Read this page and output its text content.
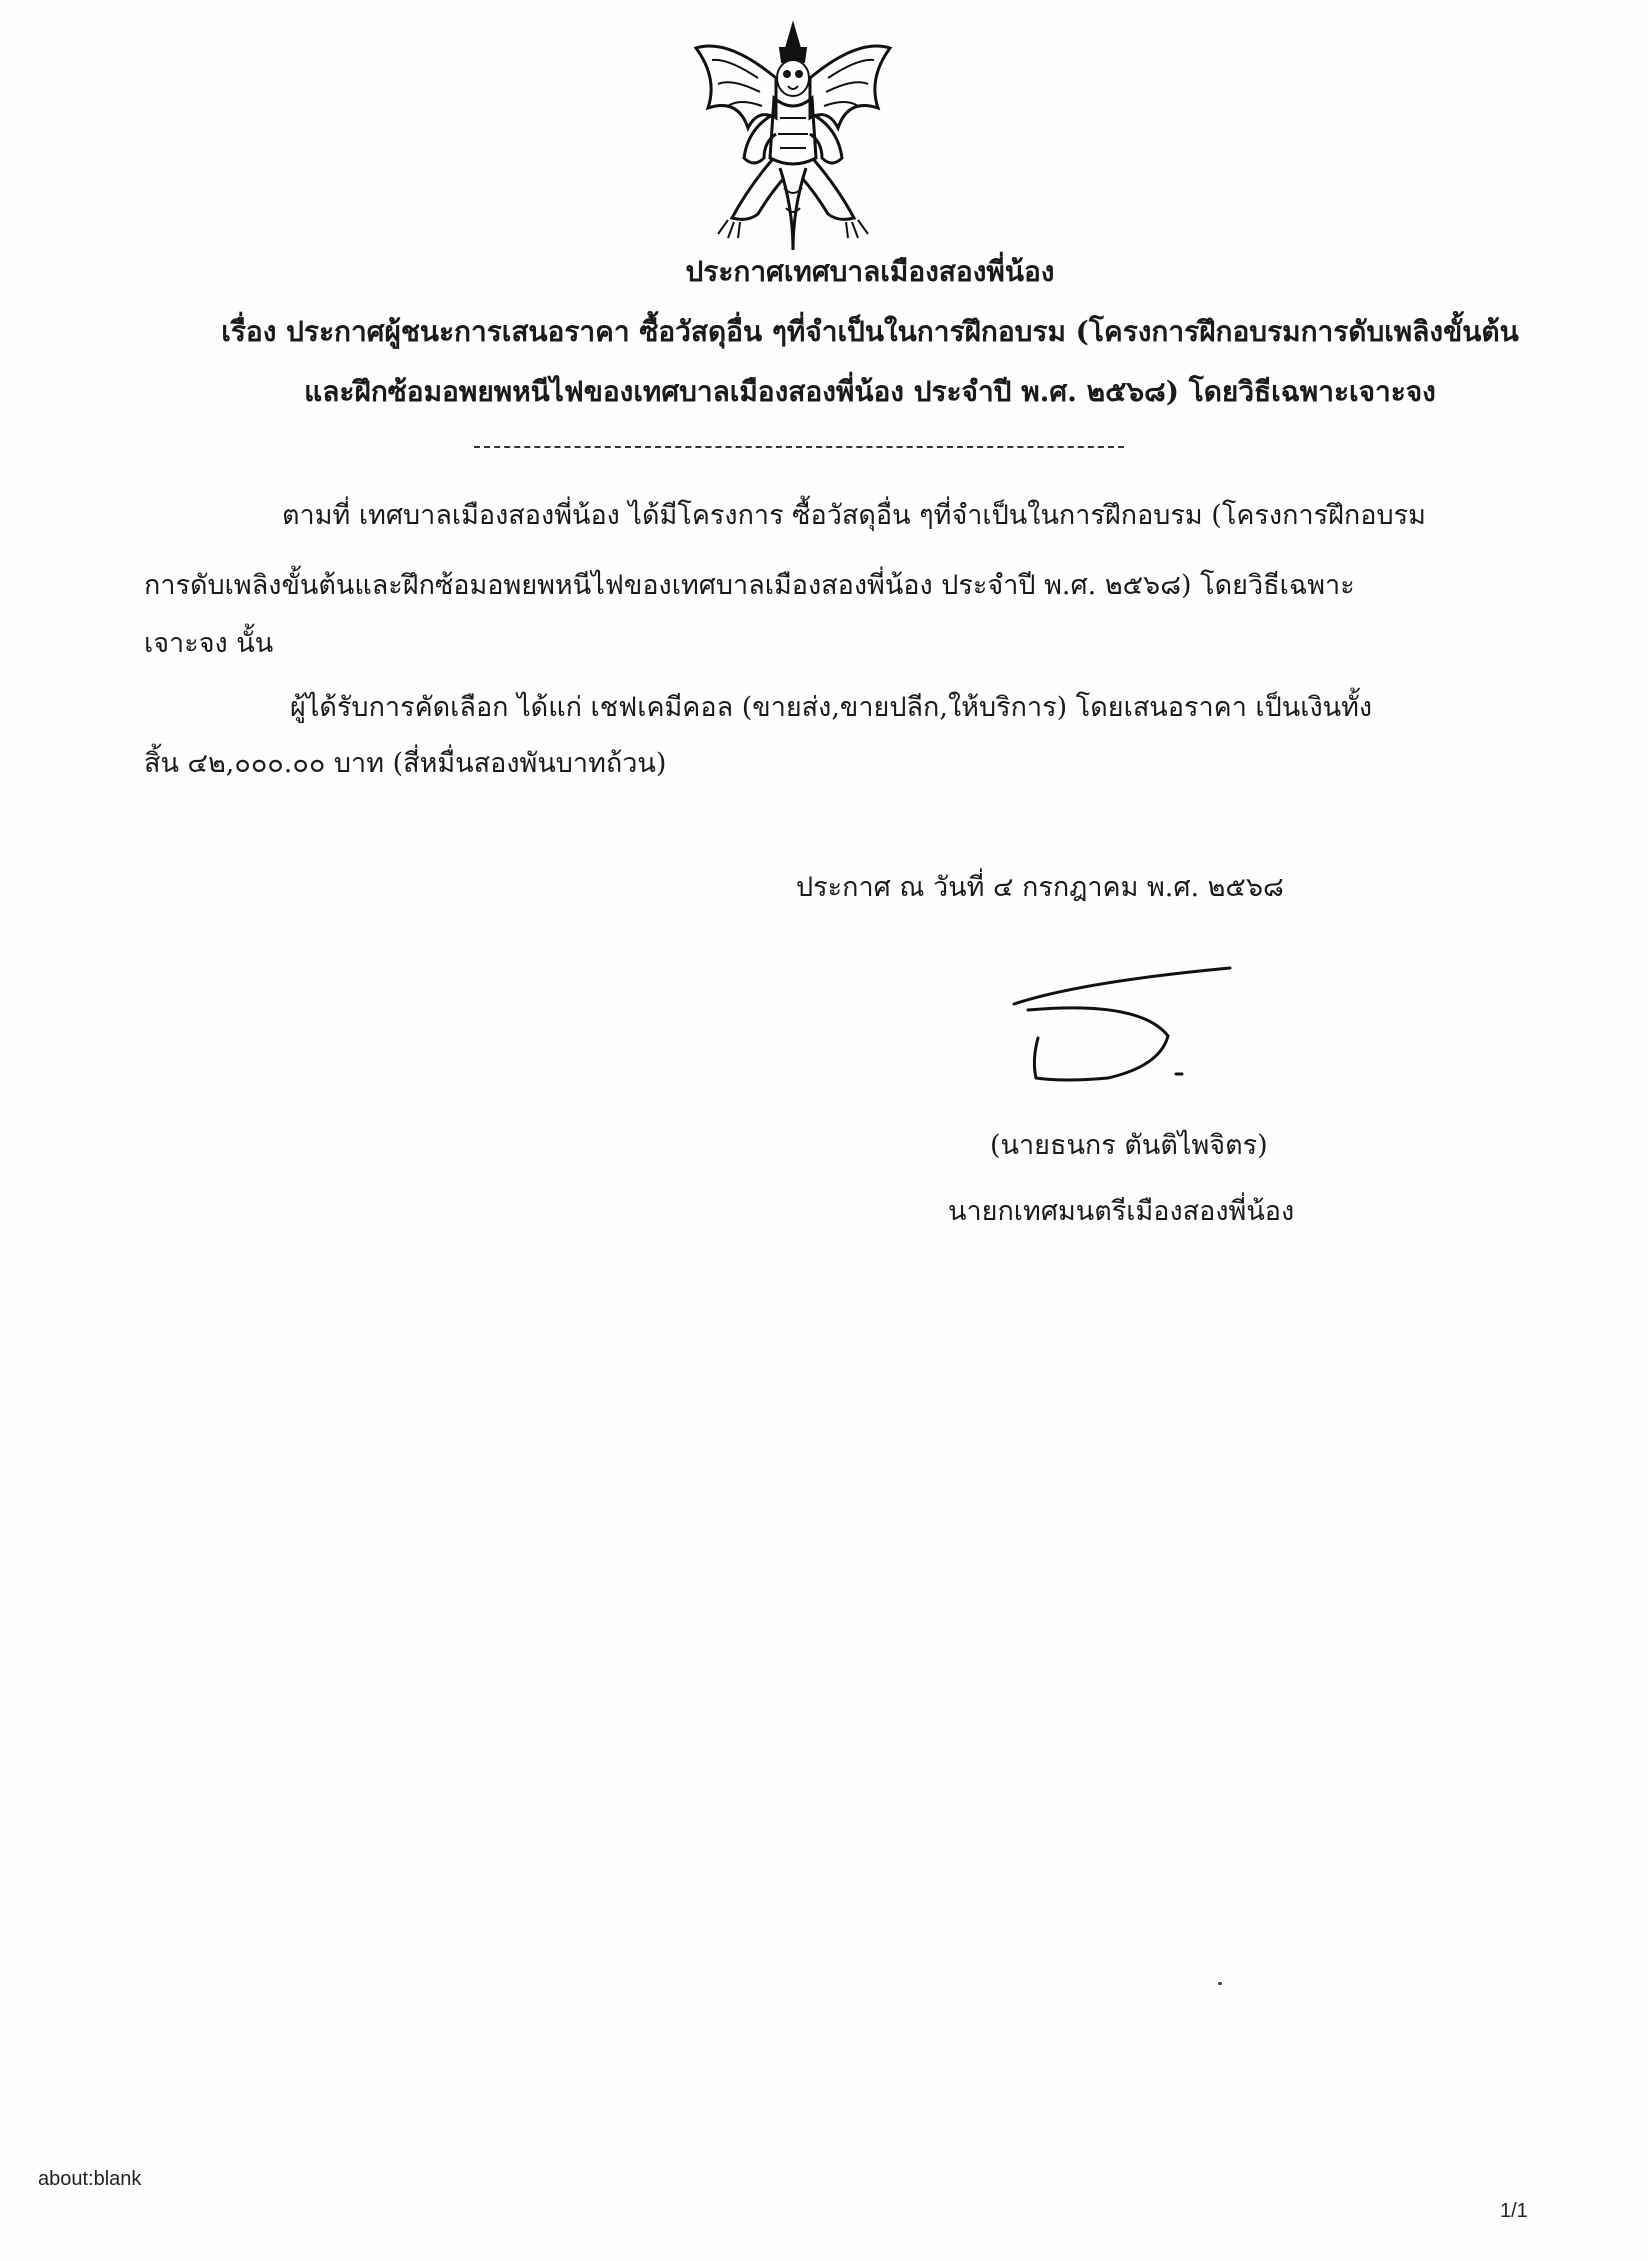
ประกาศเทศบาลเมืองสองพี่น้อง
เรื่อง ประกาศผู้ชนะการเสนอราคา ซื้อวัสดุอื่น ๆที่จำเป็นในการฝึกอบรม (โครงการฝึกอบรมการดับเพลิงขั้นต้น
และฝึกซ้อมอพยพหนีไฟของเทศบาลเมืองสองพี่น้อง ประจำปี พ.ศ. ๒๕๖๘) โดยวิธีเฉพาะเจาะจง
ตามที่ เทศบาลเมืองสองพี่น้อง ได้มีโครงการ ซื้อวัสดุอื่น ๆที่จำเป็นในการฝึกอบรม (โครงการฝึกอบรม
การดับเพลิงขั้นต้นและฝึกซ้อมอพยพหนีไฟของเทศบาลเมืองสองพี่น้อง ประจำปี พ.ศ. ๒๕๖๘) โดยวิธีเฉพาะ
เจาะจง นั้น
ผู้ได้รับการคัดเลือก ได้แก่ เชฟเคมีคอล (ขายส่ง,ขายปลีก,ให้บริการ) โดยเสนอราคา เป็นเงินทั้ง
สิ้น ๔๒,๐๐๐.๐๐ บาท (สี่หมื่นสองพันบาทถ้วน)
ประกาศ ณ วันที่ ๔ กรกฎาคม พ.ศ. ๒๕๖๘
(นายธนกร ตันติไพจิตร)
นายกเทศมนตรีเมืองสองพี่น้อง
about:blank
1/1
